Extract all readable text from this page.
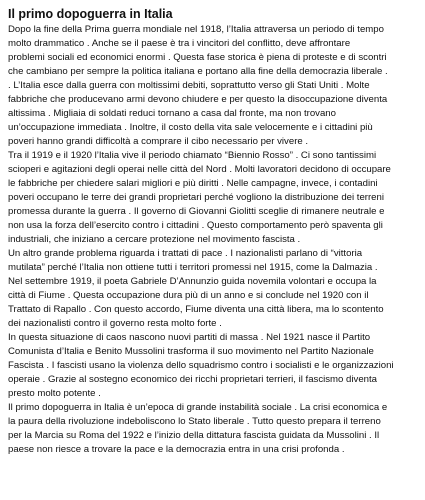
Il primo dopoguerra in Italia

Dopo la fine della Prima guerra mondiale nel 1918, l’Italia attraversa un periodo di tempo
molto drammatico . Anche se il paese è tra i vincitori del conflitto, deve affrontare
problemi sociali ed economici enormi . Questa fase storica è piena di proteste e di scontri
che cambiano per sempre la politica italiana e portano alla fine della democrazia liberale .

. L’Italia esce dalla guerra con moltissimi debiti, soprattutto verso gli Stati Uniti . Molte
fabbriche che producevano armi devono chiudere e per questo la disoccupazione diventa
altissima . Migliaia di soldati reduci tornano a casa dal fronte, ma non trovano
un’occupazione immediata . Inoltre, il costo della vita sale velocemente e i cittadini più
poveri hanno grandi difficoltà a comprare il cibo necessario per vivere .

Tra il 1919 e il 1920 l’Italia vive il periodo chiamato “Biennio Rosso” . Ci sono tantissimi
scioperi e agitazioni degli operai nelle città del Nord . Molti lavoratori decidono di occupare
le fabbriche per chiedere salari migliori e più diritti . Nelle campagne, invece, i contadini
poveri occupano le terre dei grandi proprietari perché vogliono la distribuzione dei terreni
promessa durante la guerra . Il governo di Giovanni Giolitti sceglie di rimanere neutrale e
non usa la forza dell’esercito contro i cittadini . Questo comportamento però spaventa gli
industriali, che iniziano a cercare protezione nel movimento fascista .

Un altro grande problema riguarda i trattati di pace . I nazionalisti parlano di “vittoria
mutilata” perché l’Italia non ottiene tutti i territori promessi nel 1915, come la Dalmazia .
Nel settembre 1919, il poeta Gabriele D’Annunzio guida novemila volontari e occupa la
città di Fiume . Questa occupazione dura più di un anno e si conclude nel 1920 con il
Trattato di Rapallo . Con questo accordo, Fiume diventa una città libera, ma lo scontento
dei nazionalisti contro il governo resta molto forte .

In questa situazione di caos nascono nuovi partiti di massa . Nel 1921 nasce il Partito
Comunista d’Italia e Benito Mussolini trasforma il suo movimento nel Partito Nazionale
Fascista . I fascisti usano la violenza dello squadrismo contro i socialisti e le organizzazioni
operaie . Grazie al sostegno economico dei ricchi proprietari terrieri, il fascismo diventa
presto molto potente .

Il primo dopoguerra in Italia è un’epoca di grande instabilità sociale . La crisi economica e
la paura della rivoluzione indeboliscono lo Stato liberale . Tutto questo prepara il terreno
per la Marcia su Roma del 1922 e l’inizio della dittatura fascista guidata da Mussolini . Il
paese non riesce a trovare la pace e la democrazia entra in una crisi profonda .
